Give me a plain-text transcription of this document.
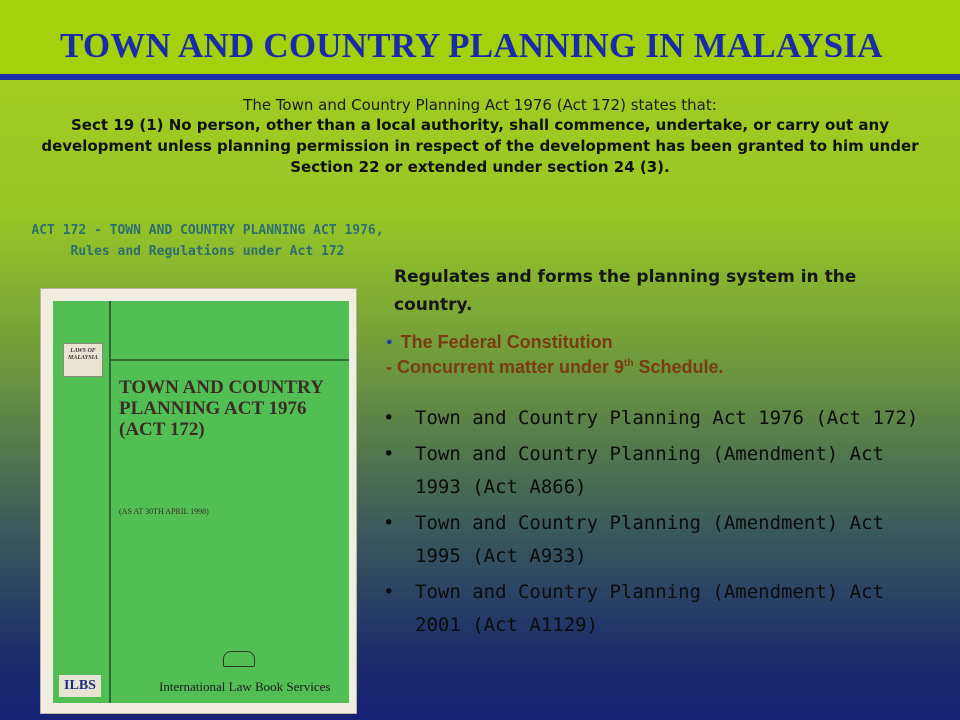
TOWN AND COUNTRY PLANNING IN MALAYSIA
The Town and Country Planning Act 1976 (Act 172) states that:
Sect 19 (1) No person, other than a local authority, shall commence, undertake, or carry out any development unless planning permission in respect of the development has been granted to him under Section 22 or extended under section 24 (3).
ACT 172 - TOWN AND COUNTRY PLANNING ACT 1976, Rules and Regulations under Act 172
LAWS OF MALAYSIA
TOWN AND COUNTRY PLANNING ACT 1976 (ACT 172)
(AS AT 30TH APRIL 1998)
ILBS	International Law Book Services

Regulates and forms the planning system in the country.

● The Federal Constitution
- Concurrent matter under 9th Schedule.
• Town and Country Planning Act 1976 (Act 172)
• Town and Country Planning (Amendment) Act 1993 (Act A866)
• Town and Country Planning (Amendment) Act 1995 (Act A933)
• Town and Country Planning (Amendment) Act 2001 (Act A1129)
